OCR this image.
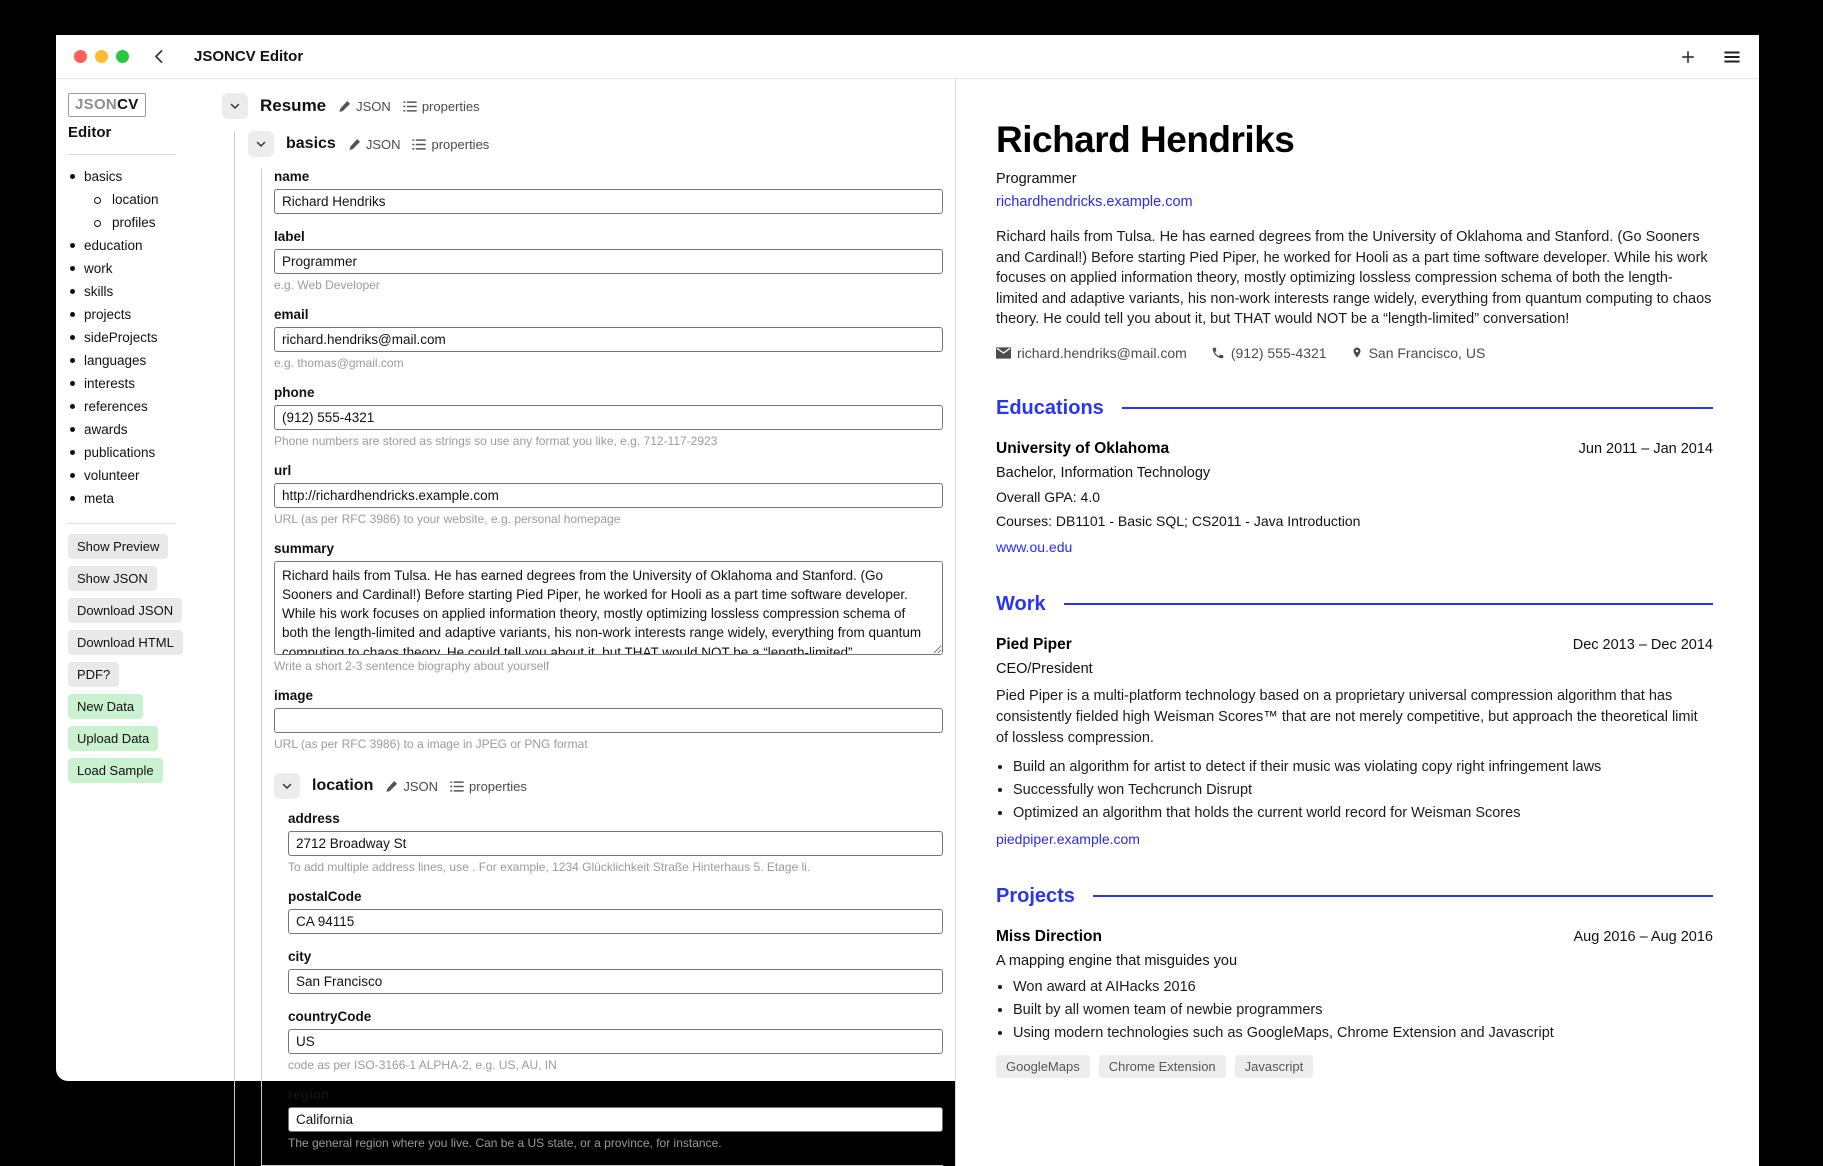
JSONCV Editor
JSONCV
Editor
basics
location
profiles
education
work
skills
projects
sideProjects
languages
interests
references
awards
publications
volunteer
meta
Show Preview
Show JSON
Download JSON
Download HTML
PDF?
New Data
Upload Data
Load Sample
Resume JSON properties
basics JSON properties
name
Richard Hendriks
label
Programmer
e.g. Web Developer
email
richard.hendriks@mail.com
e.g. thomas@gmail.com
phone
(912) 555-4321
Phone numbers are stored as strings so use any format you like, e.g. 712-117-2923
url
http://richardhendricks.example.com
URL (as per RFC 3986) to your website, e.g. personal homepage
summary
Richard hails from Tulsa. He has earned degrees from the University of Oklahoma and Stanford. (Go Sooners and Cardinal!) Before starting Pied Piper, he worked for Hooli as a part time software developer. While his work focuses on applied information theory, mostly optimizing lossless compression schema of both the length-limited and adaptive variants, his non-work interests range widely, everything from quantum computing to chaos theory. He could tell you about it, but THAT would NOT be a “length-limited” conversation!
Write a short 2-3 sentence biography about yourself
image
URL (as per RFC 3986) to a image in JPEG or PNG format
location JSON properties
address
2712 Broadway St
To add multiple address lines, use . For example, 1234 Glücklichkeit Straße Hinterhaus 5. Etage li.
postalCode
CA 94115
city
San Francisco
countryCode
US
code as per ISO-3166-1 ALPHA-2, e.g. US, AU, IN
region
California
The general region where you live. Can be a US state, or a province, for instance.
Richard Hendriks
Programmer
richardhendricks.example.com

Richard hails from Tulsa. He has earned degrees from the University of Oklahoma and Stanford. (Go Sooners and Cardinal!) Before starting Pied Piper, he worked for Hooli as a part time software developer. While his work focuses on applied information theory, mostly optimizing lossless compression schema of both the length-limited and adaptive variants, his non-work interests range widely, everything from quantum computing to chaos theory. He could tell you about it, but THAT would NOT be a “length-limited” conversation!

richard.hendriks@mail.com	(912) 555-4321	San Francisco, US
Educations
University of Oklahoma	Jun 2011 – Jan 2014
Bachelor, Information Technology
Overall GPA: 4.0
Courses: DB1101 - Basic SQL; CS2011 - Java Introduction
www.ou.edu
Work
Pied Piper	Dec 2013 – Dec 2014
CEO/President

Pied Piper is a multi-platform technology based on a proprietary universal compression algorithm that has consistently fielded high Weisman Scores™ that are not merely competitive, but approach the theoretical limit of lossless compression.

• Build an algorithm for artist to detect if their music was violating copy right infringement laws
• Successfully won Techcrunch Disrupt
• Optimized an algorithm that holds the current world record for Weisman Scores
piedpiper.example.com
Projects
Miss Direction	Aug 2016 – Aug 2016
A mapping engine that misguides you
• Won award at AIHacks 2016
• Built by all women team of newbie programmers
• Using modern technologies such as GoogleMaps, Chrome Extension and Javascript
GoogleMaps	Chrome Extension	Javascript
